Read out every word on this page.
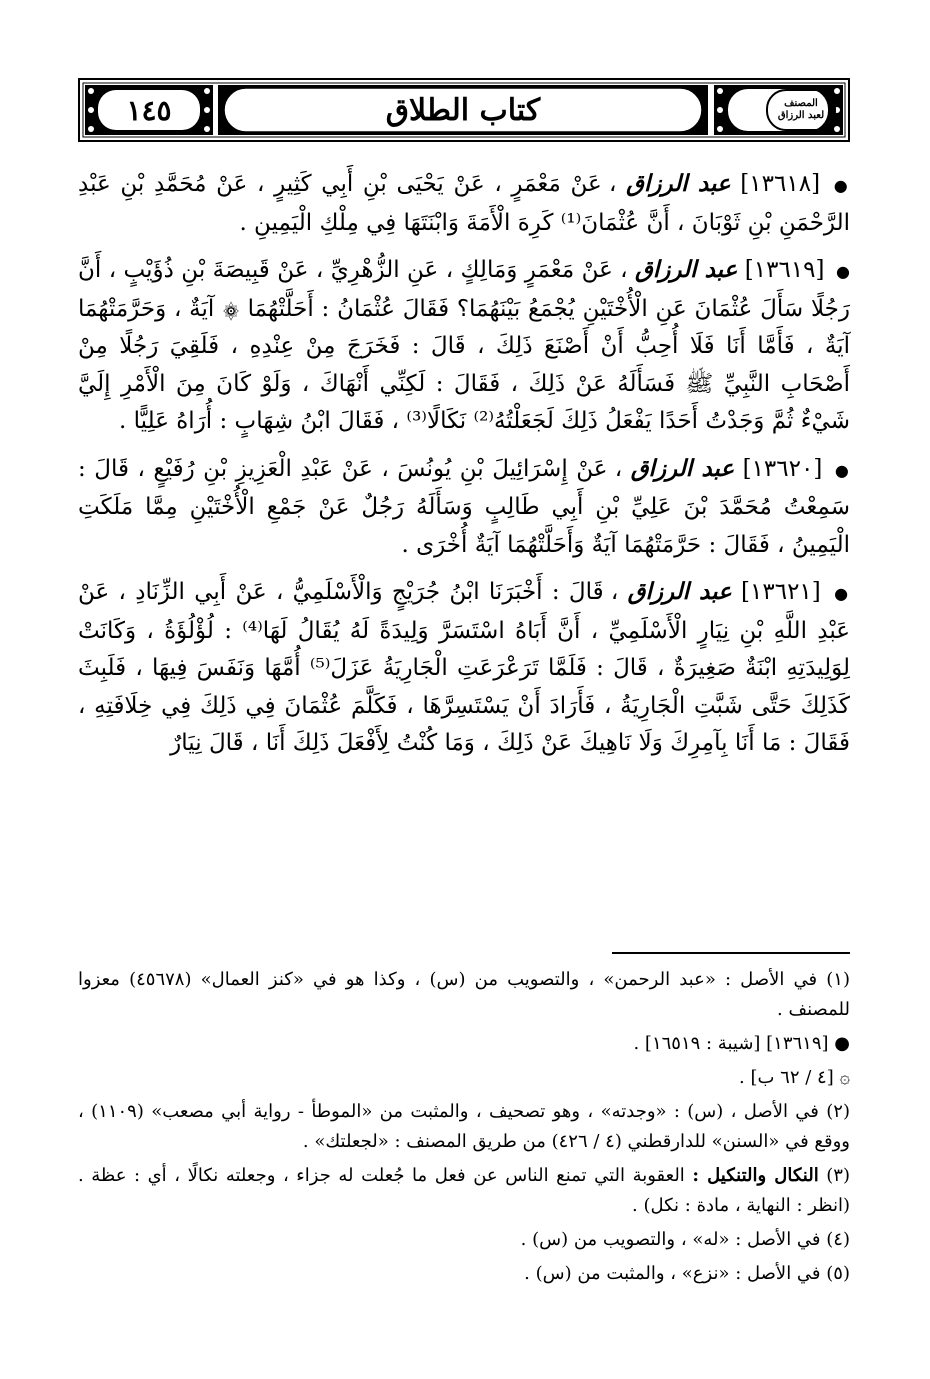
١٤٥	كتاب الطلاق	المصنف
لعبد الرزاق

● [١٣٦١٨] عبد الرزاق ، عَنْ مَعْمَرٍ ، عَنْ يَحْيَى بْنِ أَبِي كَثِيرٍ ، عَنْ مُحَمَّدِ بْنِ عَبْدِ الرَّحْمَنِ بْنِ ثَوْبَانَ ، أَنَّ عُثْمَانَ⁽¹⁾ كَرِهَ الْأَمَةَ وَابْنَتَهَا فِي مِلْكِ الْيَمِينِ .

● [١٣٦١٩] عبد الرزاق ، عَنْ مَعْمَرٍ وَمَالِكٍ ، عَنِ الزُّهْرِيِّ ، عَنْ قَبِيصَةَ بْنِ ذُؤَيْبٍ ، أَنَّ رَجُلًا سَأَلَ عُثْمَانَ عَنِ الْأُخْتَيْنِ يُجْمَعُ بَيْنَهُمَا؟ فَقَالَ عُثْمَانُ : أَحَلَّتْهُمَا ۞ آيَةٌ ، وَحَرَّمَتْهُمَا آيَةٌ ، فَأَمَّا أَنَا فَلَا أُحِبُّ أَنْ أَصْنَعَ ذَلِكَ ، قَالَ : فَخَرَجَ مِنْ عِنْدِهِ ، فَلَقِيَ رَجُلًا مِنْ أَصْحَابِ النَّبِيِّ ﷺ فَسَأَلَهُ عَنْ ذَلِكَ ، فَقَالَ : لَكِنِّي أَنْهَاكَ ، وَلَوْ كَانَ مِنَ الْأَمْرِ إِلَيَّ شَيْءٌ ثُمَّ وَجَدْتُ أَحَدًا يَفْعَلُ ذَلِكَ لَجَعَلْتُهُ⁽²⁾ نَكَالًا⁽³⁾ ، فَقَالَ ابْنُ شِهَابٍ : أُرَاهُ عَلِيًّا .

● [١٣٦٢٠] عبد الرزاق ، عَنْ إِسْرَائِيلَ بْنِ يُونُسَ ، عَنْ عَبْدِ الْعَزِيزِ بْنِ رُفَيْعٍ ، قَالَ : سَمِعْتُ مُحَمَّدَ بْنَ عَلِيِّ بْنِ أَبِي طَالِبٍ وَسَأَلَهُ رَجُلٌ عَنْ جَمْعِ الْأُخْتَيْنِ مِمَّا مَلَكَتِ الْيَمِينُ ، فَقَالَ : حَرَّمَتْهُمَا آيَةٌ وَأَحَلَّتْهُمَا آيَةٌ أُخْرَى .

● [١٣٦٢١] عبد الرزاق ، قَالَ : أَخْبَرَنَا ابْنُ جُرَيْجٍ وَالْأَسْلَمِيُّ ، عَنْ أَبِي الزِّنَادِ ، عَنْ عَبْدِ اللَّهِ بْنِ نِيَارٍ الْأَسْلَمِيِّ ، أَنَّ أَبَاهُ اسْتَسَرَّ وَلِيدَةً لَهُ يُقَالُ لَهَا⁽⁴⁾ : لُؤْلُؤَةُ ، وَكَانَتْ لِوَلِيدَتِهِ ابْنَةٌ صَغِيرَةٌ ، قَالَ : فَلَمَّا تَرَعْرَعَتِ الْجَارِيَةُ عَزَلَ⁽⁵⁾ أُمَّهَا وَنَفَسَ فِيهَا ، فَلَبِثَ كَذَلِكَ حَتَّى شَبَّتِ الْجَارِيَةُ ، فَأَرَادَ أَنْ يَسْتَسِرَّهَا ، فَكَلَّمَ عُثْمَانَ فِي ذَلِكَ فِي خِلَافَتِهِ ، فَقَالَ : مَا أَنَا بِآمِرِكَ وَلَا نَاهِيكَ عَنْ ذَلِكَ ، وَمَا كُنْتُ لِأَفْعَلَ ذَلِكَ أَنَا ، قَالَ نِيَارٌ

(١) في الأصل : «عبد الرحمن» ، والتصويب من (س) ، وكذا هو في «كنز العمال» (٤٥٦٧٨) معزوا للمصنف .

● [١٣٦١٩] [شيبة : ١٦٥١٩] .

۞ [٤ / ٦٢ ب] .

(٢) في الأصل ، (س) : «وجدته» ، وهو تصحيف ، والمثبت من «الموطأ - رواية أبي مصعب» (١١٠٩) ، ووقع في «السنن» للدارقطني (٤ / ٤٢٦) من طريق المصنف : «لجعلتك» .

(٣) النكال والتنكيل : العقوبة التي تمنع الناس عن فعل ما جُعلت له جزاء ، وجعلته نكالًا ، أي : عظة . (انظر : النهاية ، مادة : نكل) .

(٤) في الأصل : «له» ، والتصويب من (س) .

(٥) في الأصل : «نزع» ، والمثبت من (س) .
